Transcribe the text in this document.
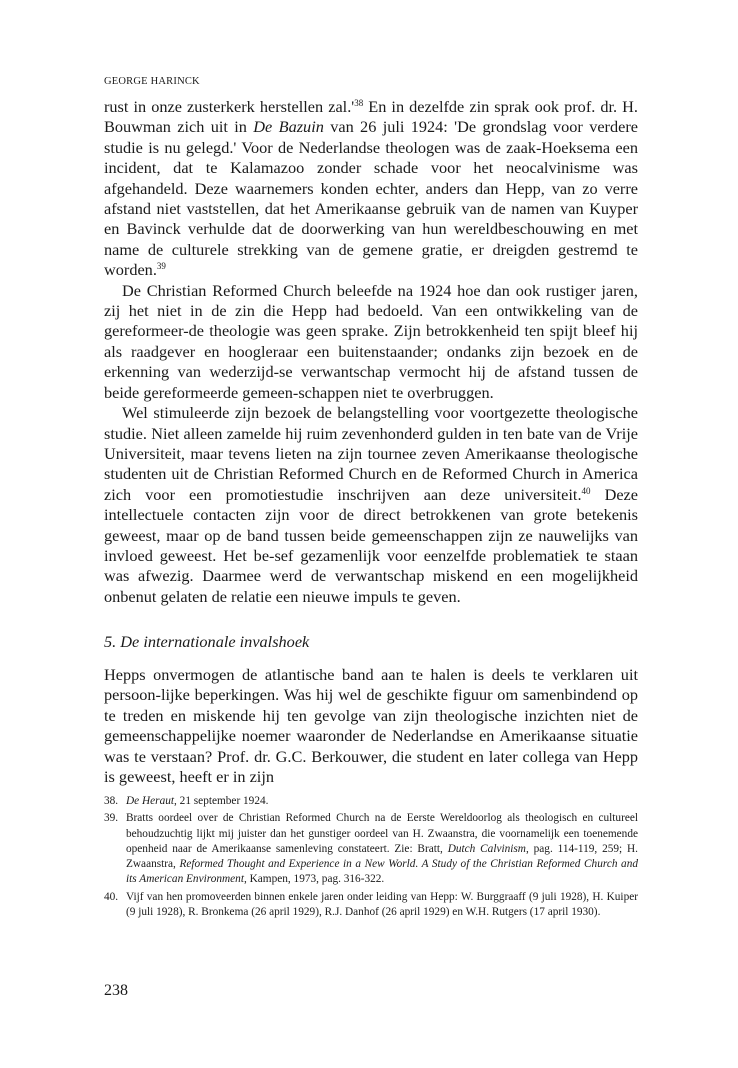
GEORGE HARINCK

rust in onze zusterkerk herstellen $zal.'^{38}$ En in dezelfde zin sprak ook prof. dr. H. Bouwman zich uit in De Bazuin van 26 juli 1924: 'De grondslag voor verdere studie is nu gelegd.' Voor de Nederlandse theologen was de zaak-Hoeksema een incident, dat te Kalamazoo zonder schade voor het neocalvinisme was afgehandeld. Deze waarnemers konden echter, anders dan Hepp, van zo verre afstand niet vaststellen, dat het Amerikaanse gebruik van de namen van Kuyper en Bavinck verhulde dat de doorwerking van hun wereldbeschouwing en met name de culturele strekking van de gemene gratie, er dreigden gestremd te worden.$^{39}$

De Christian Reformed Church beleefde na 1924 hoe dan ook rustiger jaren, zij het niet in de zin die Hepp had bedoeld. Van een ontwikkeling van de gereformeer-de theologie was geen sprake. Zijn betrokkenheid ten spijt bleef hij als raadgever en hoogleraar een buitenstaander; ondanks zijn bezoek en de erkenning van wederzijd-se verwantschap vermocht hij de afstand tussen de beide gereformeerde gemeen-schappen niet te overbruggen.

Wel stimuleerde zijn bezoek de belangstelling voor voortgezette theologische studie. Niet alleen zamelde hij ruim zevenhonderd gulden in ten bate van de Vrije Universiteit, maar tevens lieten na zijn tournee zeven Amerikaanse theologische studenten uit de Christian Reformed Church en de Reformed Church in America zich voor een promotiestudie inschrijven aan deze universiteit.$^{40}$ Deze intellectuele contacten zijn voor de direct betrokkenen van grote betekenis geweest, maar op de band tussen beide gemeenschappen zijn ze nauwelijks van invloed geweest. Het be-sef gezamenlijk voor eenzelfde problematiek te staan was afwezig. Daarmee werd de verwantschap miskend en een mogelijkheid onbenut gelaten de relatie een nieuwe impuls te geven.

5. De internationale invalshoek

Hepps onvermogen de atlantische band aan te halen is deels te verklaren uit persoon-lijke beperkingen. Was hij wel de geschikte figuur om samenbindend op te treden en miskende hij ten gevolge van zijn theologische inzichten niet de gemeenschappelijke noemer waaronder de Nederlandse en Amerikaanse situatie was te verstaan? Prof. dr. G.C. Berkouwer, die student en later collega van Hepp is geweest, heeft er in zijn

38. De Heraut, 21 september 1924.
39. Bratts oordeel over de Christian Reformed Church na de Eerste Wereldoorlog als theologisch en cultureel behoudzuchtig lijkt mij juister dan het gunstiger oordeel van H. Zwaanstra, die voornamelijk een toenemende openheid naar de Amerikaanse samenleving constateert. Zie: Bratt, Dutch Calvinism, pag. 114-119, 259; H. Zwaanstra, Reformed Thought and Experience in a New World. A Study of the Christian Reformed Church and its American Environment, Kampen, 1973, pag. 316-322.
40. Vijf van hen promoveerden binnen enkele jaren onder leiding van Hepp: W. Burggraaff (9 juli 1928), H. Kuiper (9 juli 1928), R. Bronkema (26 april 1929), R.J. Danhof (26 april 1929) en W.H. Rutgers (17 april 1930).
238
